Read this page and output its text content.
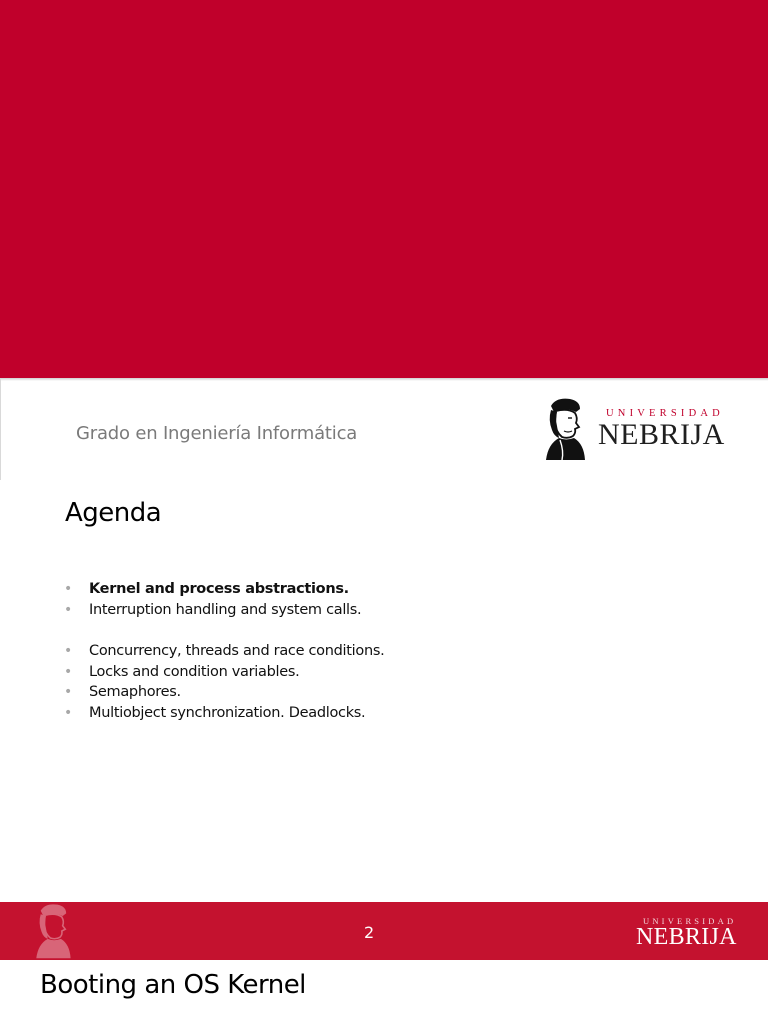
Grado en Ingeniería Informática
UNIVERSIDAD
NEBRIJA
Agenda
• Kernel and process abstractions.
• Interruption handling and system calls.
• Concurrency, threads and race conditions.
• Locks and condition variables.
• Semaphores.
• Multiobject synchronization. Deadlocks.
2
UNIVERSIDAD
NEBRIJA
Booting an OS Kernel
